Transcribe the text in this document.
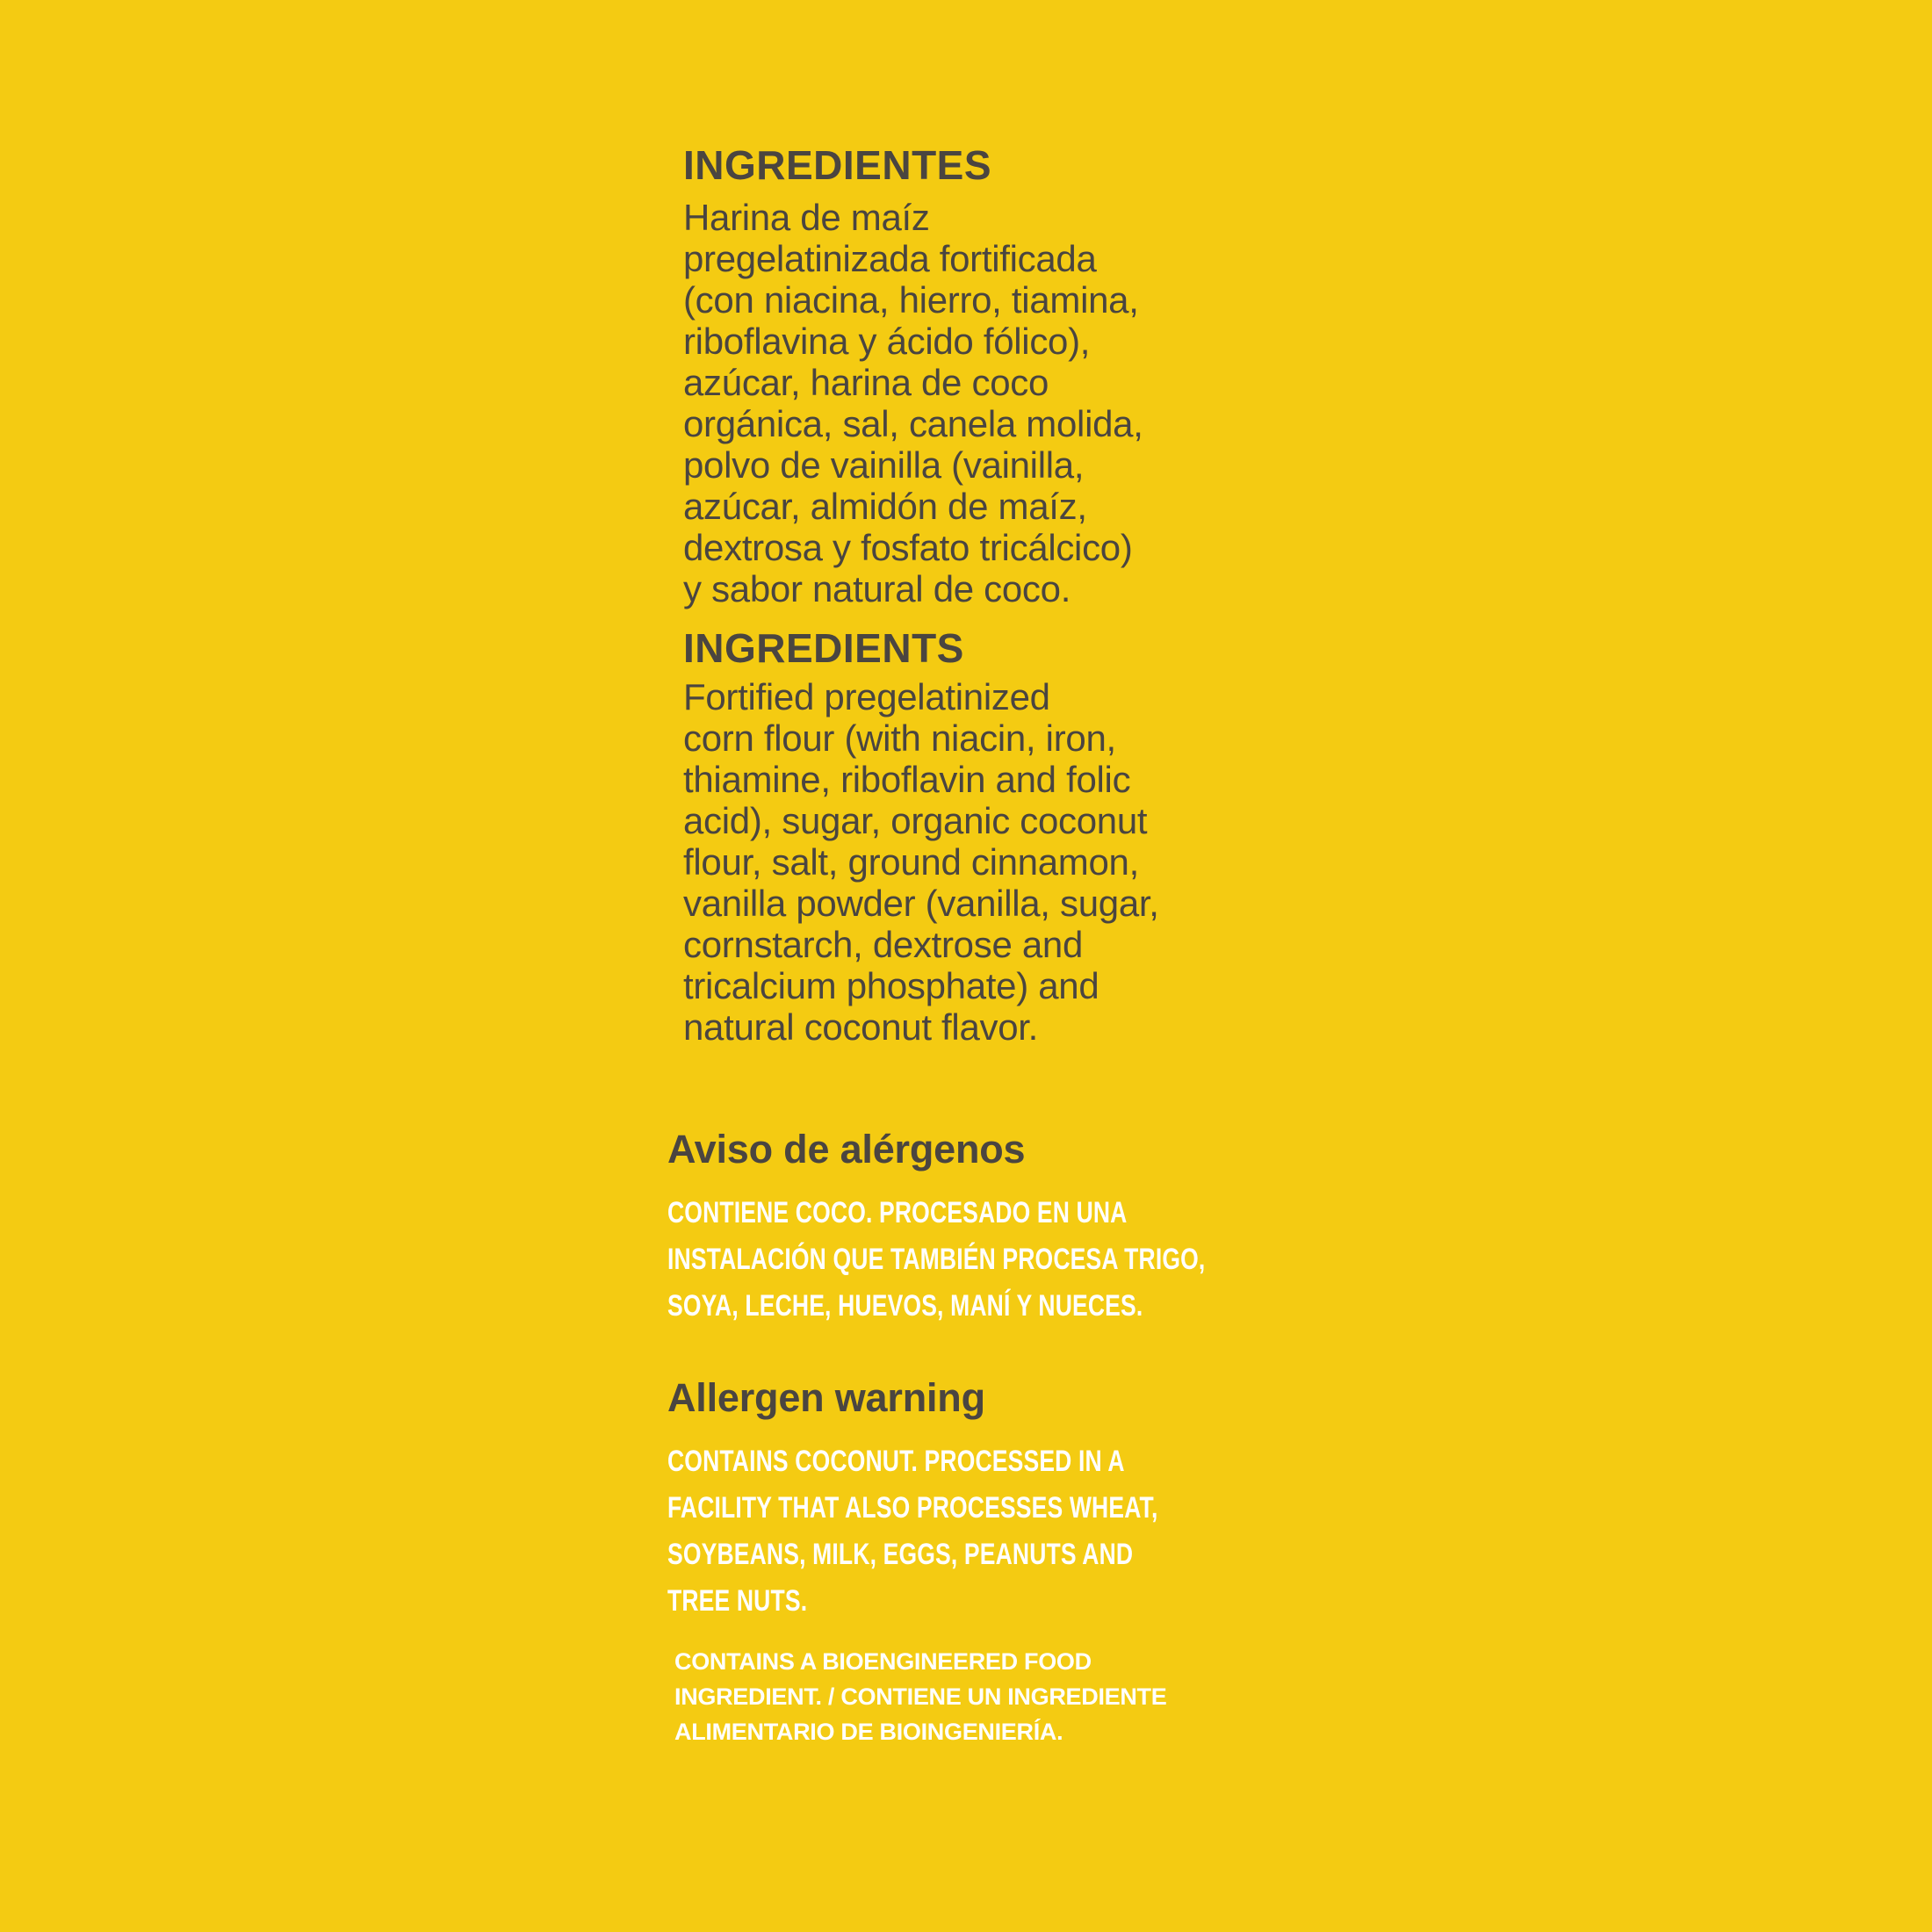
INGREDIENTES
Harina de maíz
pregelatinizada fortificada
(con niacina, hierro, tiamina,
riboflavina y ácido fólico),
azúcar, harina de coco
orgánica, sal, canela molida,
polvo de vainilla (vainilla,
azúcar, almidón de maíz,
dextrosa y fosfato tricálcico)
y sabor natural de coco.
INGREDIENTS
Fortified pregelatinized
corn flour (with niacin, iron,
thiamine, riboflavin and folic
acid), sugar, organic coconut
flour, salt, ground cinnamon,
vanilla powder (vanilla, sugar,
cornstarch, dextrose and
tricalcium phosphate) and
natural coconut flavor.
Aviso de alérgenos
CONTIENE COCO. PROCESADO EN UNA
INSTALACIÓN QUE TAMBIÉN PROCESA TRIGO,
SOYA, LECHE, HUEVOS, MANÍ Y NUECES.
Allergen warning
CONTAINS COCONUT. PROCESSED IN A
FACILITY THAT ALSO PROCESSES WHEAT,
SOYBEANS, MILK, EGGS, PEANUTS AND
TREE NUTS.
CONTAINS A BIOENGINEERED FOOD
INGREDIENT. / CONTIENE UN INGREDIENTE
ALIMENTARIO DE BIOINGENIERÍA.
